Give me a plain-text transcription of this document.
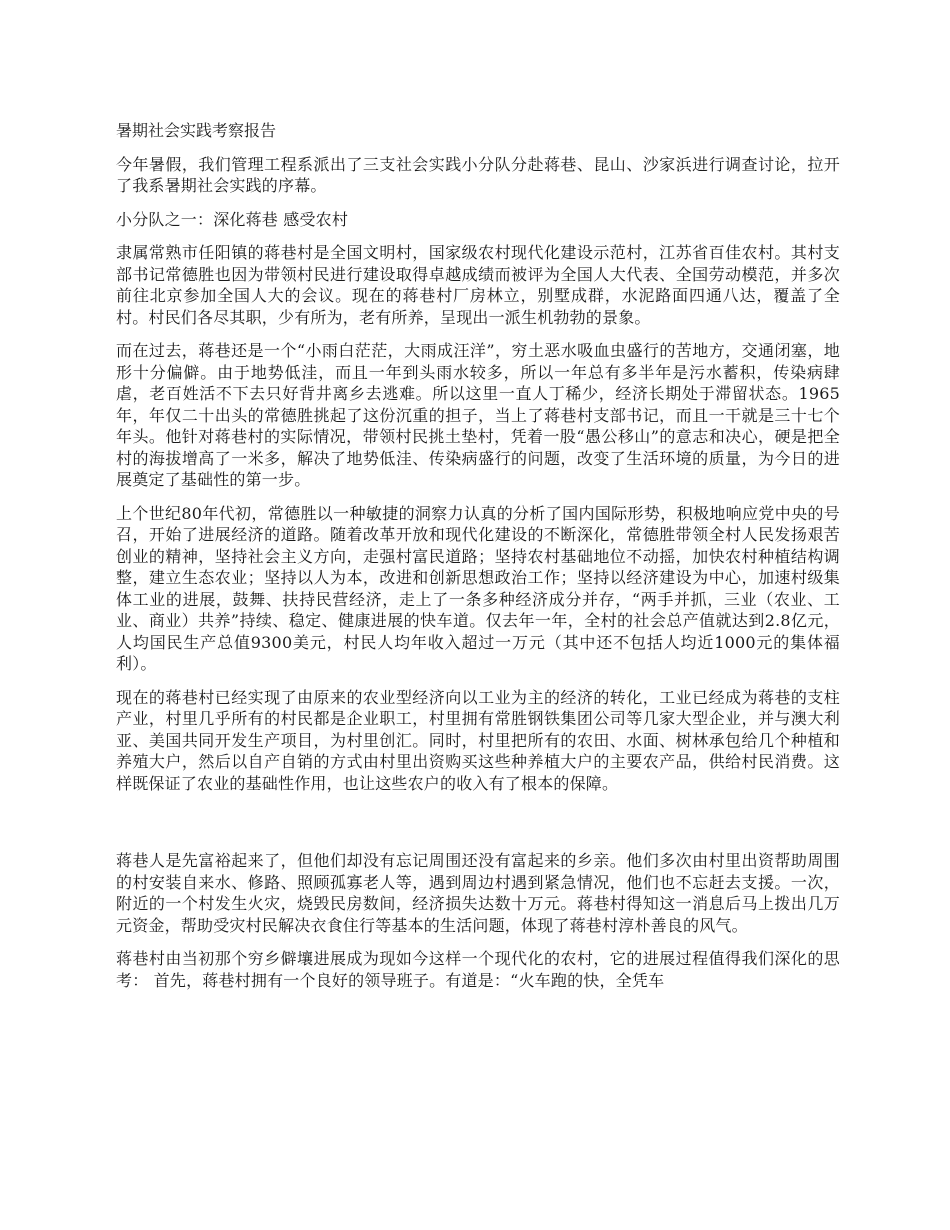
暑期社会实践考察报告

今年暑假，我们管理工程系派出了三支社会实践小分队分赴蒋巷、昆山、沙家浜进行调查讨论，拉开了我系暑期社会实践的序幕。

小分队之一：深化蒋巷 感受农村

隶属常熟市任阳镇的蒋巷村是全国文明村，国家级农村现代化建设示范村，江苏省百佳农村。其村支部书记常德胜也因为带领村民进行建设取得卓越成绩而被评为全国人大代表、全国劳动模范，并多次前往北京参加全国人大的会议。现在的蒋巷村厂房林立，别墅成群，水泥路面四通八达，覆盖了全村。村民们各尽其职，少有所为，老有所养，呈现出一派生机勃勃的景象。

而在过去，蒋巷还是一个“小雨白茫茫，大雨成汪洋”，穷土恶水吸血虫盛行的苦地方，交通闭塞，地形十分偏僻。由于地势低洼，而且一年到头雨水较多，所以一年总有多半年是污水蓄积，传染病肆虐，老百姓活不下去只好背井离乡去逃难。所以这里一直人丁稀少，经济长期处于滞留状态。1965年，年仅二十出头的常德胜挑起了这份沉重的担子，当上了蒋巷村支部书记，而且一干就是三十七个年头。他针对蒋巷村的实际情况，带领村民挑土垫村，凭着一股“愚公移山”的意志和决心，硬是把全村的海拔增高了一米多，解决了地势低洼、传染病盛行的问题，改变了生活环境的质量，为今日的进展奠定了基础性的第一步。

上个世纪80年代初，常德胜以一种敏捷的洞察力认真的分析了国内国际形势，积极地响应党中央的号召，开始了进展经济的道路。随着改革开放和现代化建设的不断深化，常德胜带领全村人民发扬艰苦创业的精神，坚持社会主义方向，走强村富民道路；坚持农村基础地位不动摇，加快农村种植结构调整，建立生态农业；坚持以人为本，改进和创新思想政治工作；坚持以经济建设为中心，加速村级集体工业的进展，鼓舞、扶持民营经济，走上了一条多种经济成分并存，“两手并抓，三业（农业、工业、商业）共养”持续、稳定、健康进展的快车道。仅去年一年，全村的社会总产值就达到2.8亿元，人均国民生产总值9300美元，村民人均年收入超过一万元（其中还不包括人均近1000元的集体福利）。

现在的蒋巷村已经实现了由原来的农业型经济向以工业为主的经济的转化，工业已经成为蒋巷的支柱产业，村里几乎所有的村民都是企业职工，村里拥有常胜钢铁集团公司等几家大型企业，并与澳大利亚、美国共同开发生产项目，为村里创汇。同时，村里把所有的农田、水面、树林承包给几个种植和养殖大户，然后以自产自销的方式由村里出资购买这些种养植大户的主要农产品，供给村民消费。这样既保证了农业的基础性作用，也让这些农户的收入有了根本的保障。

蒋巷人是先富裕起来了，但他们却没有忘记周围还没有富起来的乡亲。他们多次由村里出资帮助周围的村安装自来水、修路、照顾孤寡老人等，遇到周边村遇到紧急情况，他们也不忘赶去支援。一次，附近的一个村发生火灾，烧毁民房数间，经济损失达数十万元。蒋巷村得知这一消息后马上拨出几万元资金，帮助受灾村民解决衣食住行等基本的生活问题，体现了蒋巷村淳朴善良的风气。

蒋巷村由当初那个穷乡僻壤进展成为现如今这样一个现代化的农村，它的进展过程值得我们深化的思考： 首先，蒋巷村拥有一个良好的领导班子。有道是：“火车跑的快，全凭车
